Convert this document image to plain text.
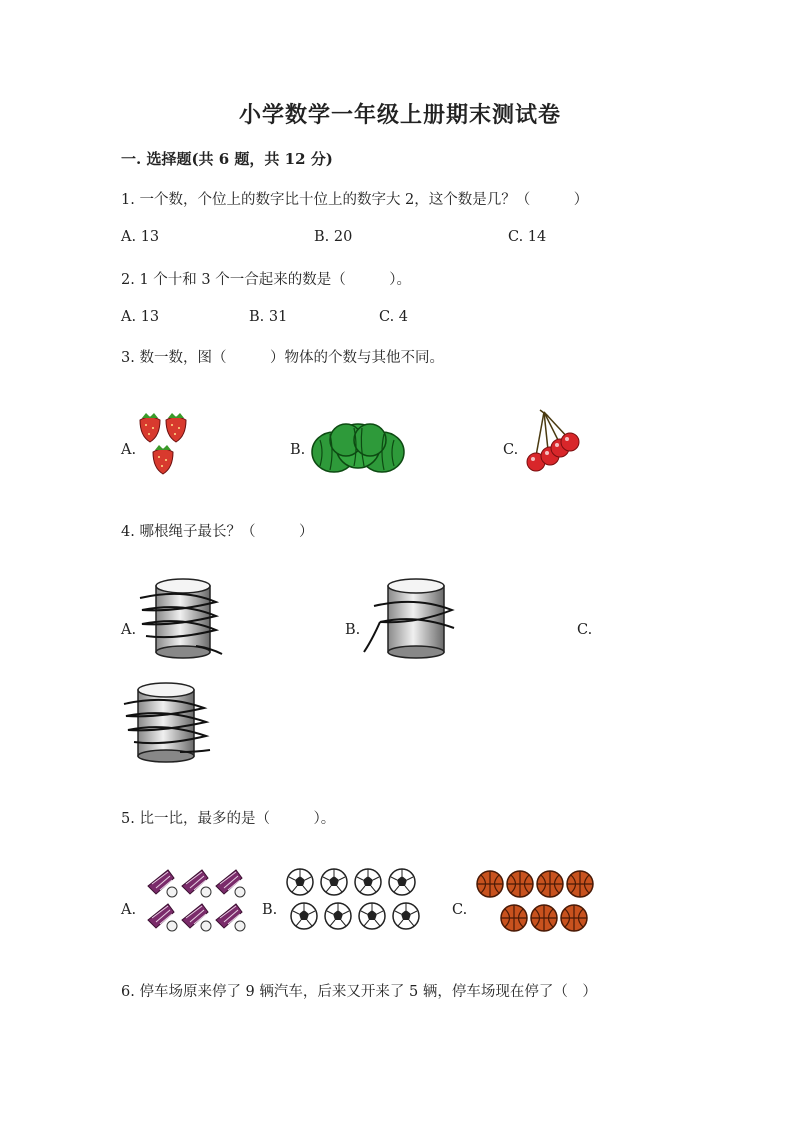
小学数学一年级上册期末测试卷
一. 选择题(共 6 题，共 12 分)
1. 一个数，个位上的数字比十位上的数字大 2，这个数是几？（　　　）
A. 13	B. 20	C. 14
2. 1 个十和 3 个一合起来的数是（　　　）。
A. 13	B. 31	C. 4
3. 数一数，图（　　　）物体的个数与其他不同。
A.	B.	C.
4. 哪根绳子最长？（　　　）
A.	B.	C.
5. 比一比，最多的是（　　　）。
A.	B.	C.
6. 停车场原来停了 9 辆汽车，后来又开来了 5 辆，停车场现在停了（　）
